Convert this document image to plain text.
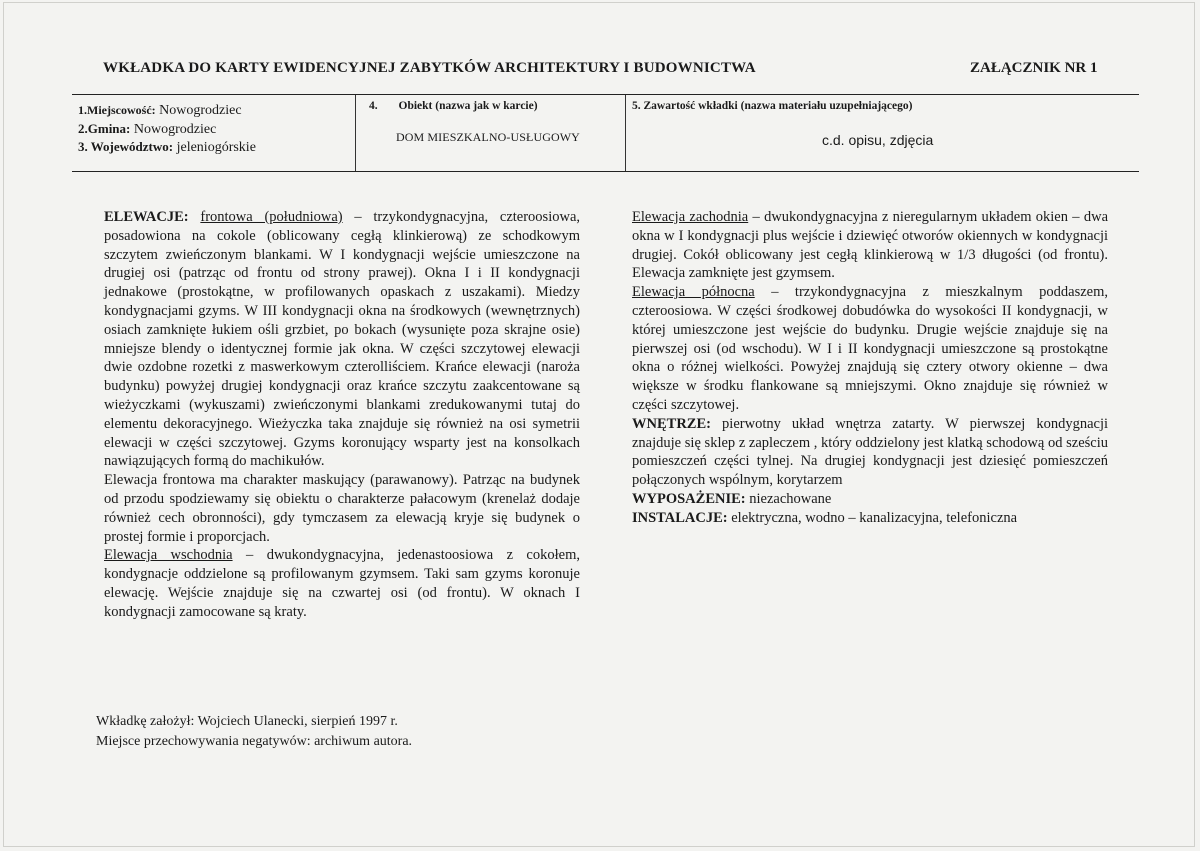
WKŁADKA DO KARTY EWIDENCYJNEJ ZABYTKÓW ARCHITEKTURY I BUDOWNICTWA	ZAŁĄCZNIK NR 1
1.Miejscowość: Nowogrodziec
2.Gmina: Nowogrodziec
3. Województwo: jeleniogórskie
4. Obiekt (nazwa jak w karcie)
DOM MIESZKALNO-USŁUGOWY
5. Zawartość wkładki (nazwa materiału uzupełniającego)
c.d. opisu, zdjęcia

ELEWACJE: frontowa (południowa) – trzykondygnacyjna, czteroosiowa, posadowiona na cokole (oblicowany cegłą klinkierową) ze schodkowym szczytem zwieńczonym blankami. W I kondygnacji wejście umieszczone na drugiej osi (patrząc od frontu od strony prawej). Okna I i II kondygnacji jednakowe (prostokątne, w profilowanych opaskach z uszakami). Miedzy kondygnacjami gzyms. W III kondygnacji okna na środkowych (wewnętrznych) osiach zamknięte łukiem ośli grzbiet, po bokach (wysunięte poza skrajne osie) mniejsze blendy o identycznej formie jak okna. W części szczytowej elewacji dwie ozdobne rozetki z maswerkowym czterolliściem. Krańce elewacji (naroża budynku) powyżej drugiej kondygnacji oraz krańce szczytu zaakcentowane są wieżyczkami (wykuszami) zwieńczonymi blankami zredukowanymi tutaj do elementu dekoracyjnego. Wieżyczka taka znajduje się również na osi symetrii elewacji w części szczytowej. Gzyms koronujący wsparty jest na konsolkach nawiązujących formą do machikułów.

Elewacja frontowa ma charakter maskujący (parawanowy). Patrząc na budynek od przodu spodziewamy się obiektu o charakterze pałacowym (krenelaż dodaje również cech obronności), gdy tymczasem za elewacją kryje się budynek o prostej formie i proporcjach.

Elewacja wschodnia – dwukondygnacyjna, jedenastoosiowa z cokołem, kondygnacje oddzielone są profilowanym gzymsem. Taki sam gzyms koronuje elewację. Wejście znajduje się na czwartej osi (od frontu). W oknach I kondygnacji zamocowane są kraty.

Elewacja zachodnia – dwukondygnacyjna z nieregularnym układem okien – dwa okna w I kondygnacji plus wejście i dziewięć otworów okiennych w kondygnacji drugiej. Cokół oblicowany jest cegłą klinkierową w 1/3 długości (od frontu). Elewacja zamknięte jest gzymsem.

Elewacja północna – trzykondygnacyjna z mieszkalnym poddaszem, czteroosiowa. W części środkowej dobudówka do wysokości II kondygnacji, w której umieszczone jest wejście do budynku. Drugie wejście znajduje się na pierwszej osi (od wschodu). W I i II kondygnacji umieszczone są prostokątne okna o różnej wielkości. Powyżej znajdują się cztery otwory okienne – dwa większe w środku flankowane są mniejszymi. Okno znajduje się również w części szczytowej.

WNĘTRZE: pierwotny układ wnętrza zatarty. W pierwszej kondygnacji znajduje się sklep z zapleczem , który oddzielony jest klatką schodową od sześciu pomieszczeń części tylnej. Na drugiej kondygnacji jest dziesięć pomieszczeń połączonych wspólnym, korytarzem

WYPOSAŻENIE: niezachowane

INSTALACJE: elektryczna, wodno – kanalizacyjna, telefoniczna

Wkładkę założył: Wojciech Ulanecki, sierpień 1997 r.
Miejsce przechowywania negatywów: archiwum autora.
